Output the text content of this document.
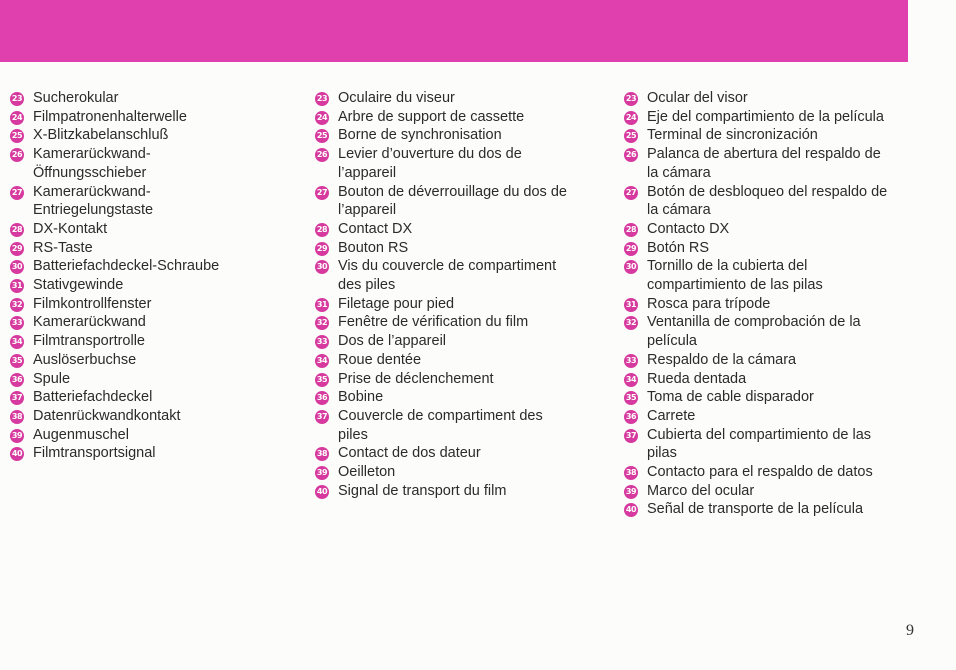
23 Sucherokular
24 Filmpatronenhalterwelle
25 X-Blitzkabelanschluß
26 Kamerarückwand-
Öffnungsschieber
27 Kamerarückwand-
Entriegelungstaste
28 DX-Kontakt
29 RS-Taste
30 Batteriefachdeckel-Schraube
31 Stativgewinde
32 Filmkontrollfenster
33 Kamerarückwand
34 Filmtransportrolle
35 Auslöserbuchse
36 Spule
37 Batteriefachdeckel
38 Datenrückwandkontakt
39 Augenmuschel
40 Filmtransportsignal
23 Oculaire du viseur
24 Arbre de support de cassette
25 Borne de synchronisation
26 Levier d’ouverture du dos de
l’appareil
27 Bouton de déverrouillage du dos de
l’appareil
28 Contact DX
29 Bouton RS
30 Vis du couvercle de compartiment
des piles
31 Filetage pour pied
32 Fenêtre de vérification du film
33 Dos de l’appareil
34 Roue dentée
35 Prise de déclenchement
36 Bobine
37 Couvercle de compartiment des
piles
38 Contact de dos dateur
39 Oeilleton
40 Signal de transport du film
23 Ocular del visor
24 Eje del compartimiento de la película
25 Terminal de sincronización
26 Palanca de abertura del respaldo de
la cámara
27 Botón de desbloqueo del respaldo de
la cámara
28 Contacto DX
29 Botón RS
30 Tornillo de la cubierta del
compartimiento de las pilas
31 Rosca para trípode
32 Ventanilla de comprobación de la
película
33 Respaldo de la cámara
34 Rueda dentada
35 Toma de cable disparador
36 Carrete
37 Cubierta del compartimiento de las
pilas
38 Contacto para el respaldo de datos
39 Marco del ocular
40 Señal de transporte de la película
9
